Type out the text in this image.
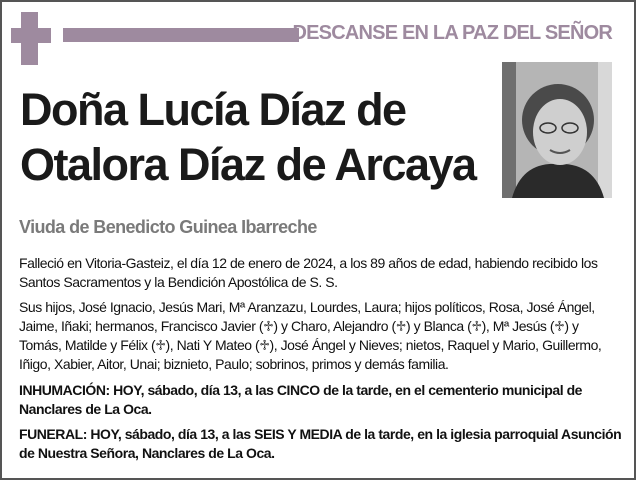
DESCANSE EN LA PAZ DEL SEÑOR
Doña Lucía Díaz de
Otalora Díaz de Arcaya
Viuda de Benedicto Guinea Ibarreche
Falleció en Vitoria-Gasteiz, el día 12 de enero de 2024, a los 89 años de edad, habiendo recibido los Santos Sacramentos y la Bendición Apostólica de S. S.
Sus hijos, José Ignacio, Jesús Mari, Mª Aranzazu, Lourdes, Laura; hijos políticos, Rosa, José Ángel, Jaime, Iñaki; hermanos, Francisco Javier (♱) y Charo, Alejandro (♱) y Blanca (♱), Mª Jesús (♱) y Tomás, Matilde y Félix (♱), Nati Y Mateo (♱), José Ángel y Nieves; nietos, Raquel y Mario, Guillermo, Iñigo, Xabier, Aitor, Unai; biznieto, Paulo; sobrinos, primos y demás familia.
INHUMACIÓN: HOY, sábado, día 13, a las CINCO de la tarde, en el cementerio municipal de Nanclares de La Oca.
FUNERAL: HOY, sábado, día 13, a las SEIS Y MEDIA de la tarde, en la iglesia parroquial Asunción de Nuestra Señora, Nanclares de La Oca.
